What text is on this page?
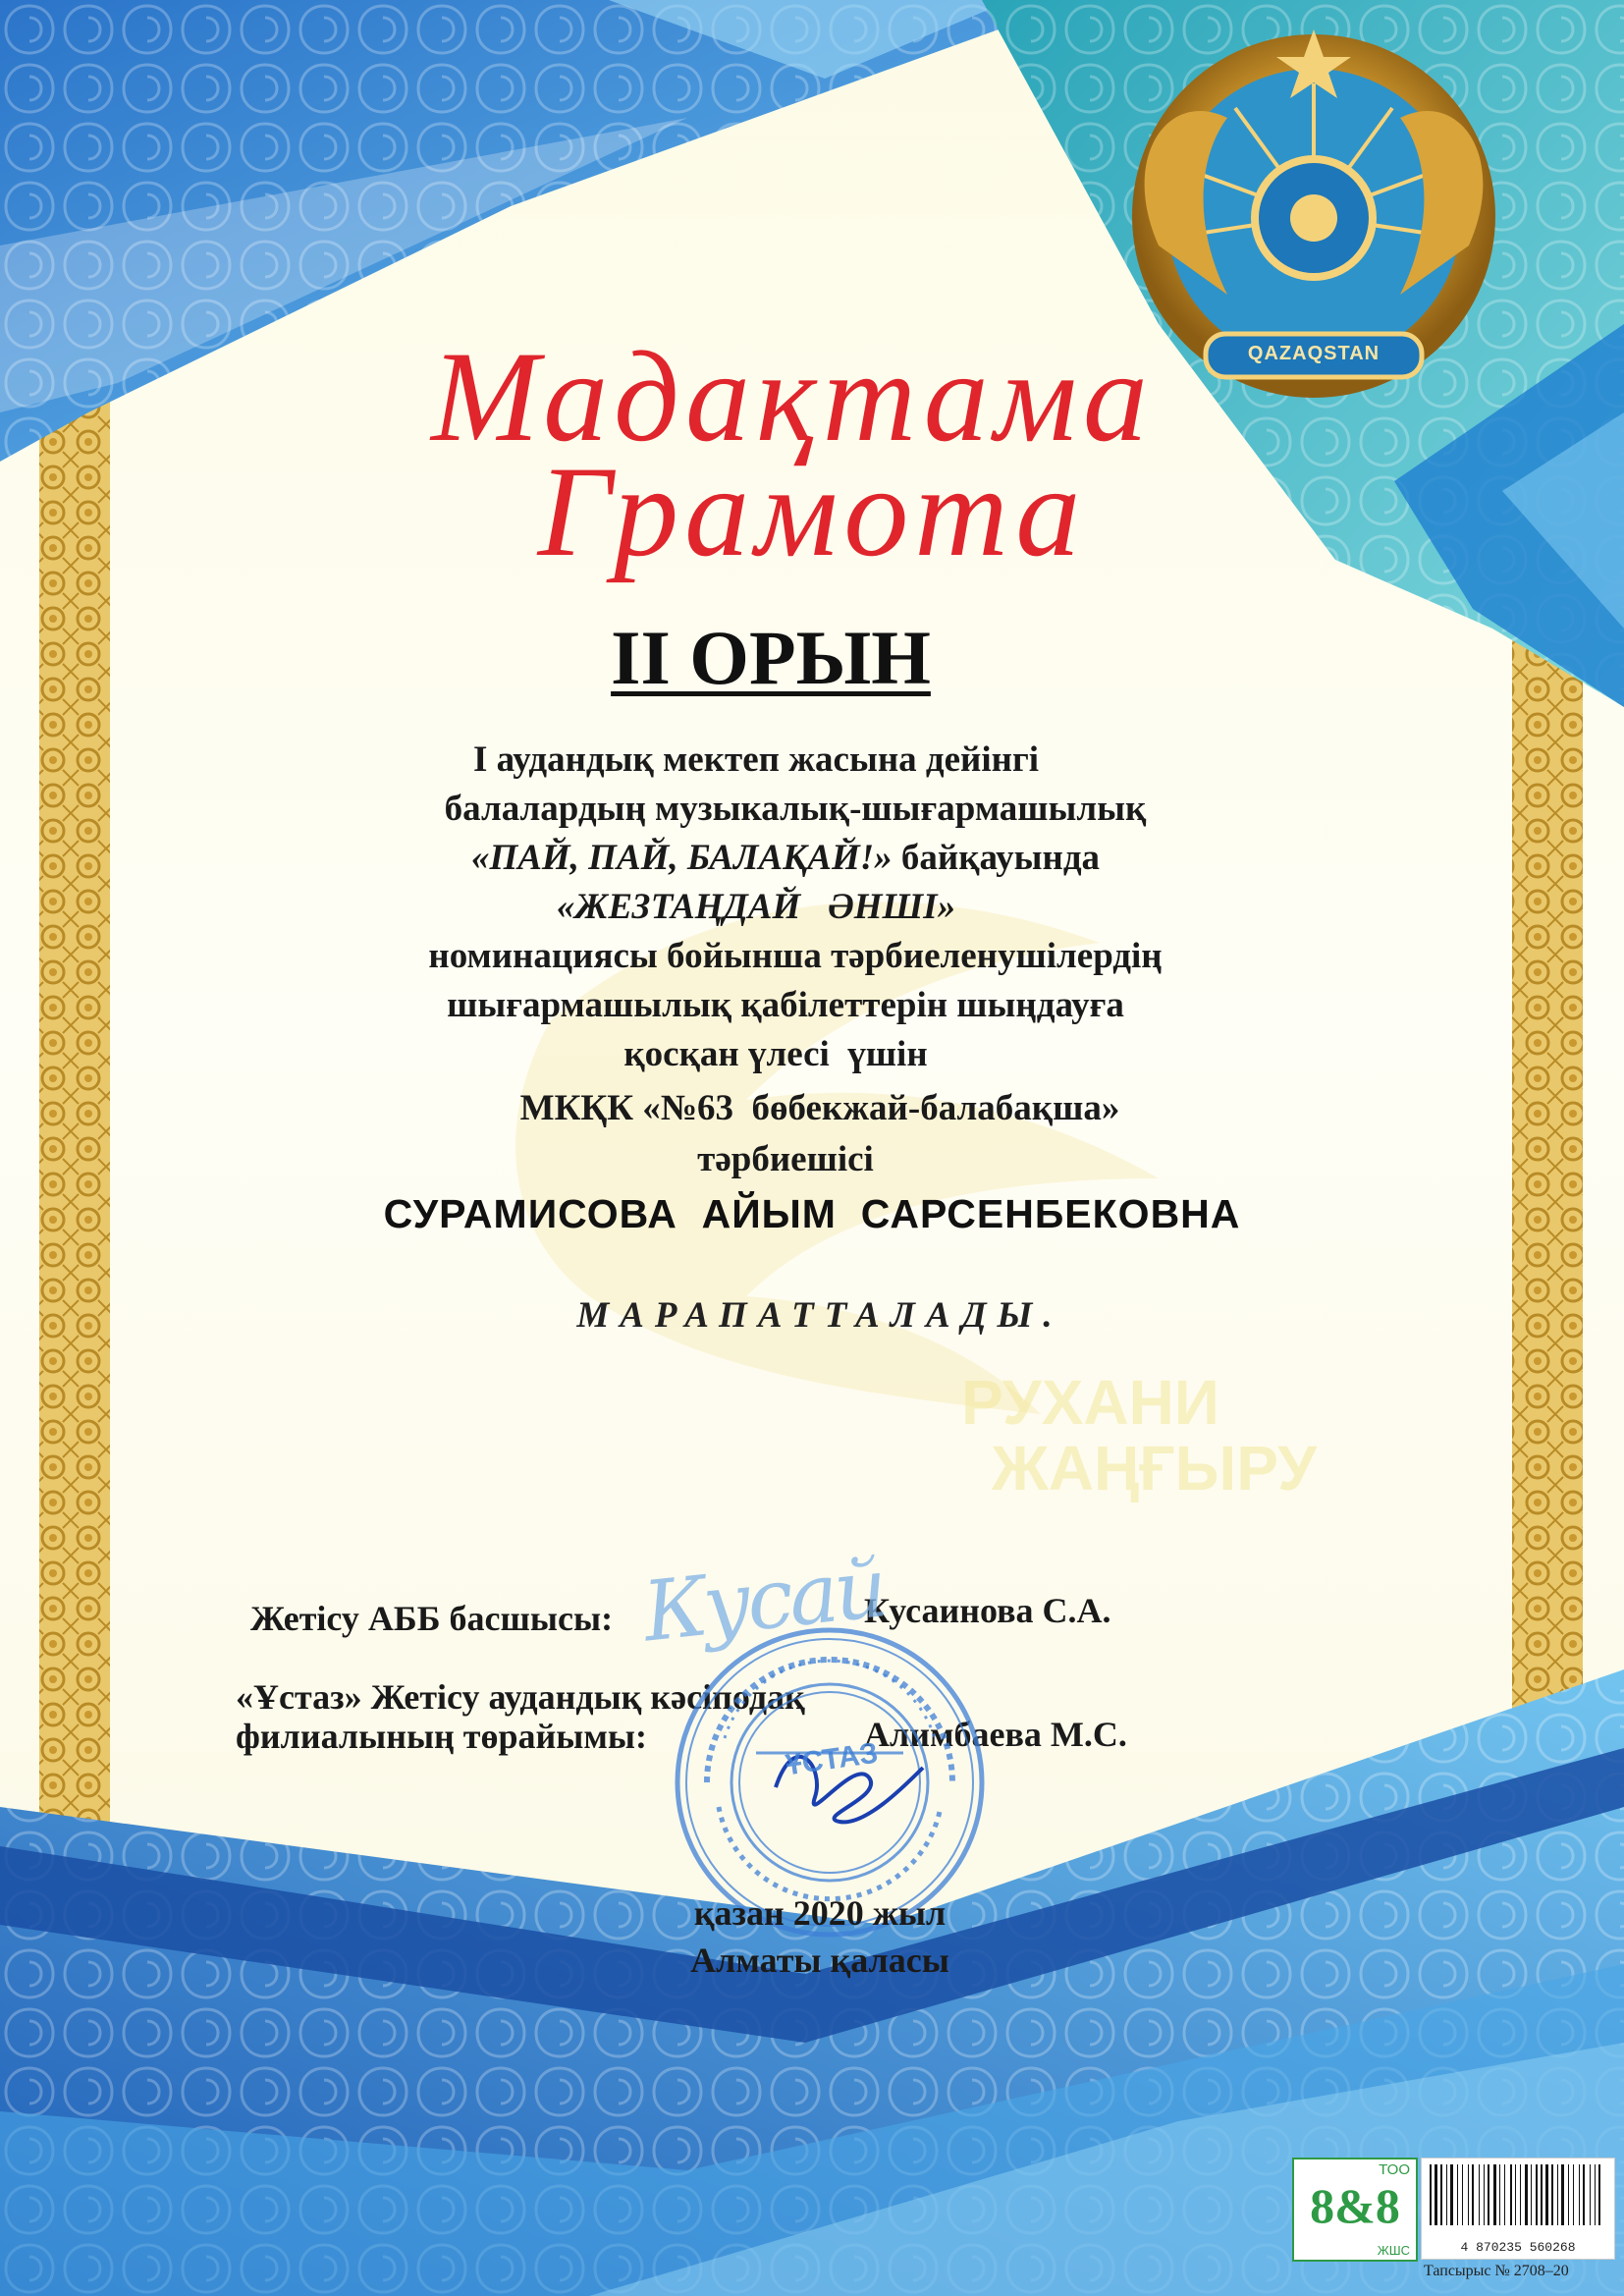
QAZAQSTAN
РУХАНИ
ЖАҢҒЫРУ
Мадақтама
Грамота
II ОРЫН
І аудандық мектеп жасына дейінгі
балалардың музыкалық-шығармашылық
«ПАЙ, ПАЙ, БАЛАҚАЙ!» байқауында
«ЖЕЗТАҢДАЙ   ӘНШІ»
номинациясы бойынша тәрбиеленушілердің
шығармашылық қабілеттерін шыңдауға
қосқан үлесі  үшін
МКҚК «№63  бөбекжай-балабақша»
тәрбиешісі
СУРАМИСОВА  АЙЫМ  САРСЕНБЕКОВНА
МАРАПАТТАЛАДЫ.
Жетісу АББ басшысы:	Кусаинова С.А.
«Ұстаз» Жетісу аудандық кәсіподақ
филиалының төрайымы:	Алимбаева М.С.
Кусай
ҰСТАЗ
қазан 2020 жыл
Алматы қаласы
ТОО
8&8
ЖШС	4 870235 560268
Тапсырыс № 2708–20
